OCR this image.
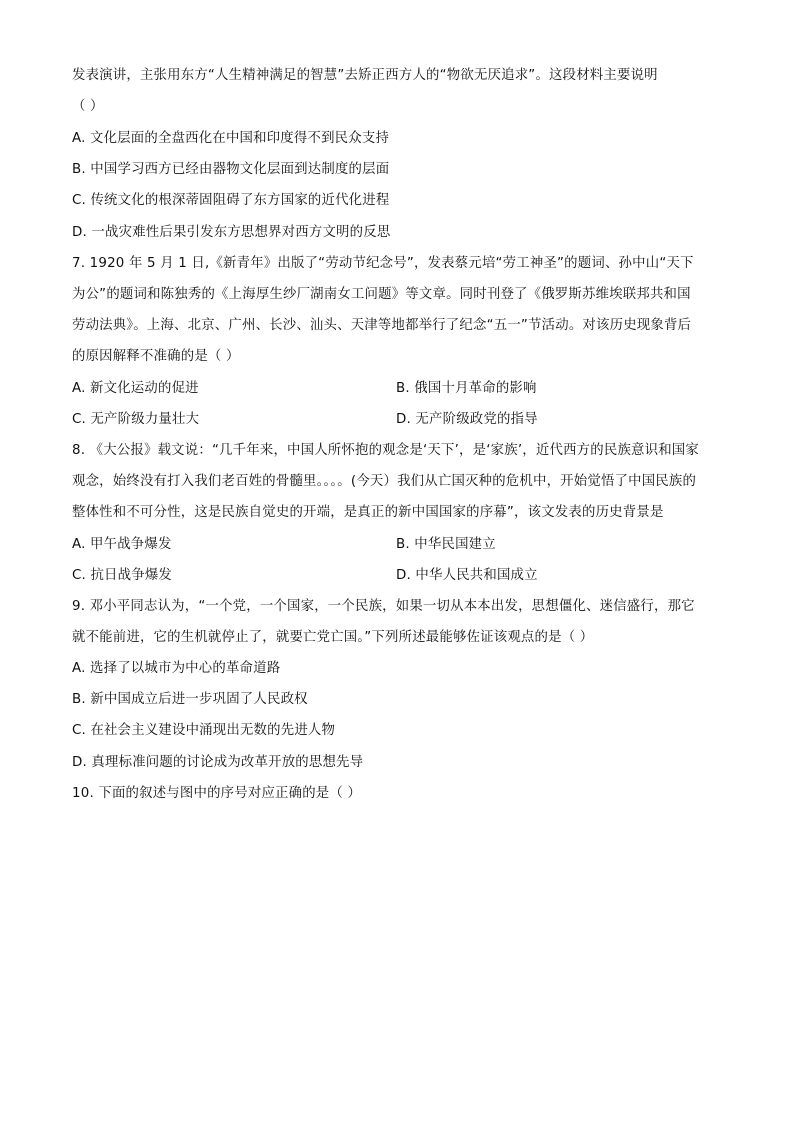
发表演讲，主张用东方“人生精神满足的智慧”去矫正西方人的“物欲无厌追求”。这段材料主要说明
（ ）
A. 文化层面的全盘西化在中国和印度得不到民众支持
B. 中国学习西方已经由器物文化层面到达制度的层面
C. 传统文化的根深蒂固阻碍了东方国家的近代化进程
D. 一战灾难性后果引发东方思想界对西方文明的反思
7. 1920 年 5 月 1 日,《新青年》出版了“劳动节纪念号”，发表蔡元培“劳工神圣”的题词、孙中山“天下
为公”的题词和陈独秀的《上海厚生纱厂湖南女工问题》等文章。同时刊登了《俄罗斯苏维埃联邦共和国
劳动法典》。上海、北京、广州、长沙、汕头、天津等地都举行了纪念“五一”节活动。对该历史现象背后
的原因解释不准确的是（ ）
A. 新文化运动的促进	B. 俄国十月革命的影响
C. 无产阶级力量壮大	D. 无产阶级政党的指导
8. 《大公报》载文说：“几千年来，中国人所怀抱的观念是‘天下’，是‘家族’，近代西方的民族意识和国家
观念，始终没有打入我们老百姓的骨髓里。。。。(今天）我们从亡国灭种的危机中，开始觉悟了中国民族的
整体性和不可分性，这是民族自觉史的开端，是真正的新中国国家的序幕”，该文发表的历史背景是
A. 甲午战争爆发	B. 中华民国建立
C. 抗日战争爆发	D. 中华人民共和国成立
9. 邓小平同志认为，“一个党，一个国家，一个民族，如果一切从本本出发，思想僵化、迷信盛行，那它
就不能前进，它的生机就停止了，就要亡党亡国。”下列所述最能够佐证该观点的是（ ）
A. 选择了以城市为中心的革命道路
B. 新中国成立后进一步巩固了人民政权
C. 在社会主义建设中涌现出无数的先进人物
D. 真理标准问题的讨论成为改革开放的思想先导
10. 下面的叙述与图中的序号对应正确的是（ ）
